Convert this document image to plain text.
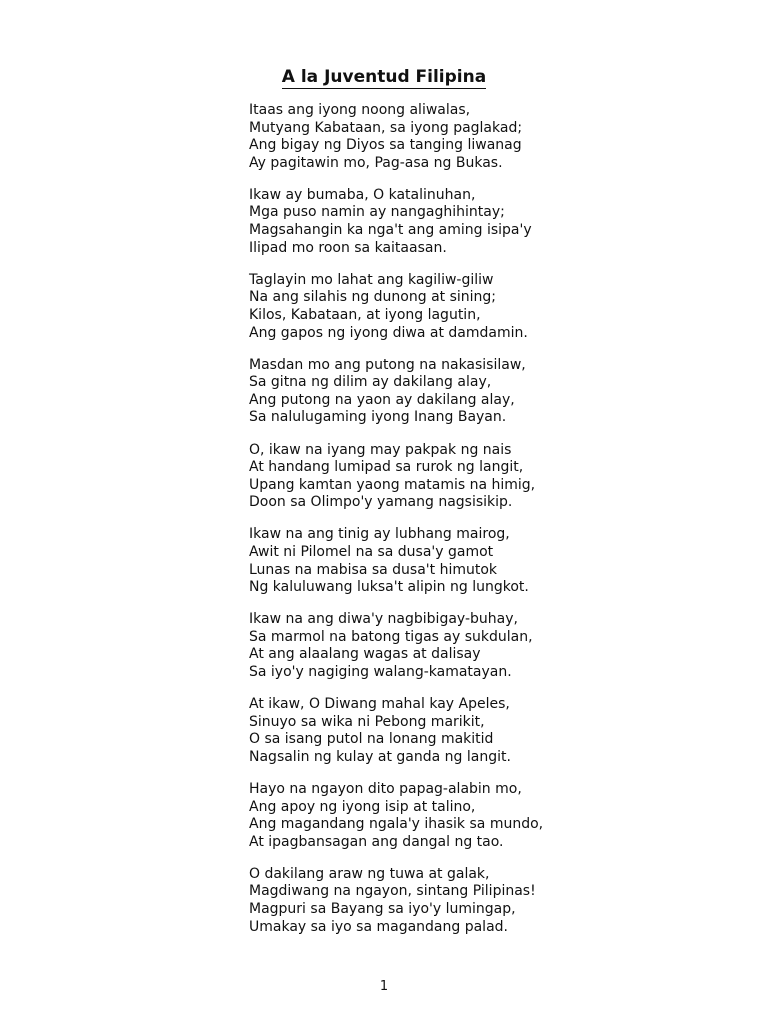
A la Juventud Filipina
Itaas ang iyong noong aliwalas,
Mutyang Kabataan, sa iyong paglakad;
Ang bigay ng Diyos sa tanging liwanag
Ay pagitawin mo, Pag-asa ng Bukas.
Ikaw ay bumaba, O katalinuhan,
Mga puso namin ay nangaghihintay;
Magsahangin ka nga't ang aming isipa'y
Ilipad mo roon sa kaitaasan.
Taglayin mo lahat ang kagiliw-giliw
Na ang silahis ng dunong at sining;
Kilos, Kabataan, at iyong lagutin,
Ang gapos ng iyong diwa at damdamin.
Masdan mo ang putong na nakasisilaw,
Sa gitna ng dilim ay dakilang alay,
Ang putong na yaon ay dakilang alay,
Sa nalulugaming iyong Inang Bayan.
O, ikaw na iyang may pakpak ng nais
At handang lumipad sa rurok ng langit,
Upang kamtan yaong matamis na himig,
Doon sa Olimpo'y yamang nagsisikip.
Ikaw na ang tinig ay lubhang mairog,
Awit ni Pilomel na sa dusa'y gamot
Lunas na mabisa sa dusa't himutok
Ng kaluluwang luksa't alipin ng lungkot.
Ikaw na ang diwa'y nagbibigay-buhay,
Sa marmol na batong tigas ay sukdulan,
At ang alaalang wagas at dalisay
Sa iyo'y nagiging walang-kamatayan.
At ikaw, O Diwang mahal kay Apeles,
Sinuyo sa wika ni Pebong marikit,
O sa isang putol na lonang makitid
Nagsalin ng kulay at ganda ng langit.
Hayo na ngayon dito papag-alabin mo,
Ang apoy ng iyong isip at talino,
Ang magandang ngala'y ihasik sa mundo,
At ipagbansagan ang dangal ng tao.
O dakilang araw ng tuwa at galak,
Magdiwang na ngayon, sintang Pilipinas!
Magpuri sa Bayang sa iyo'y lumingap,
Umakay sa iyo sa magandang palad.
1
